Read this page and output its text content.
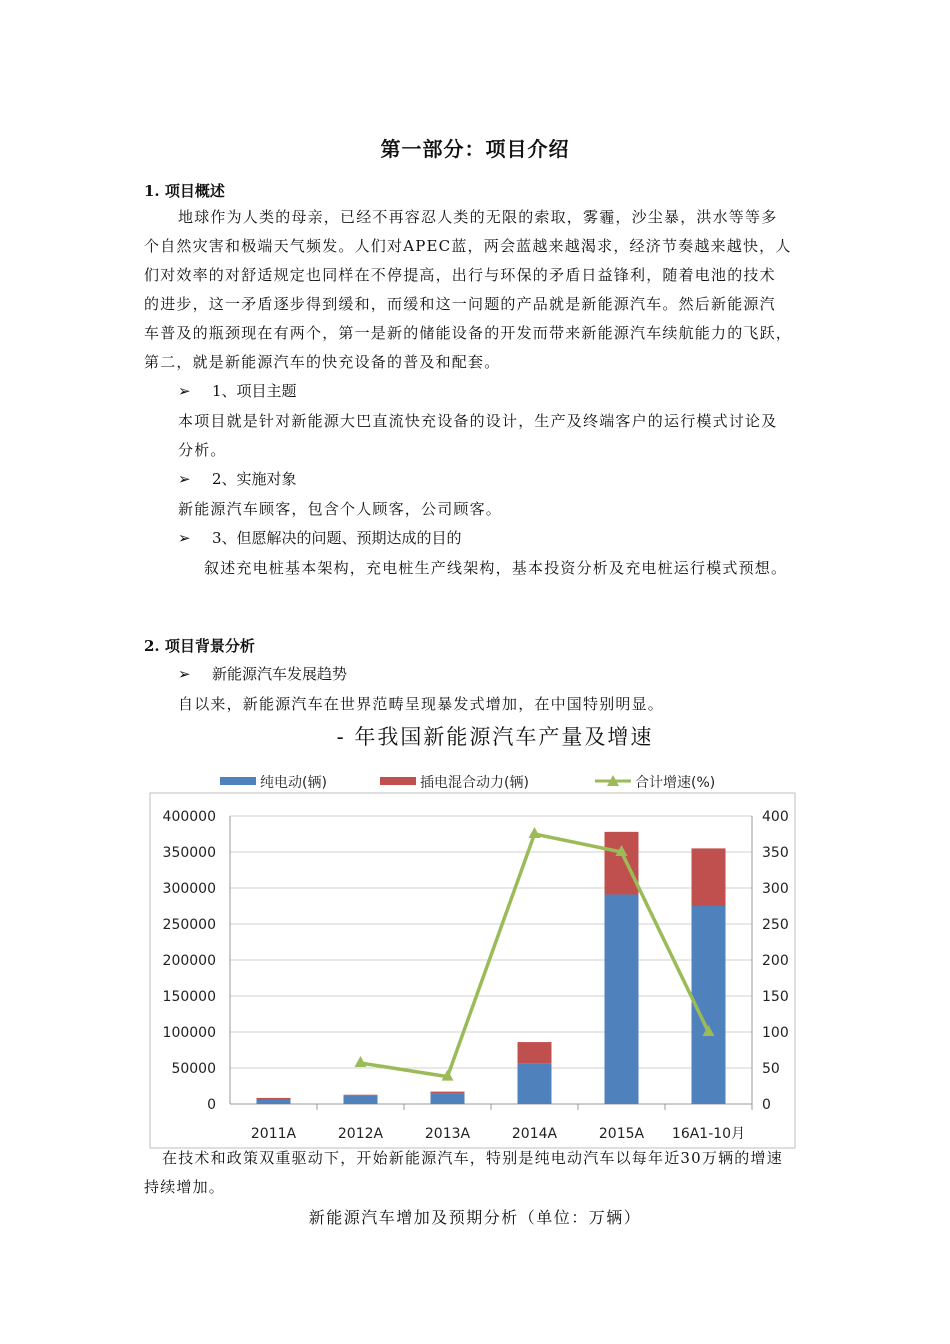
第一部分：项目介绍
1. 项目概述
地球作为人类的母亲，已经不再容忍人类的无限的索取，雾霾，沙尘暴，洪水等等多
个自然灾害和极端天气频发。人们对APEC蓝，两会蓝越来越渴求，经济节奏越来越快，人
们对效率的对舒适规定也同样在不停提高，出行与环保的矛盾日益锋利，随着电池的技术
的进步，这一矛盾逐步得到缓和，而缓和这一问题的产品就是新能源汽车。然后新能源汽
车普及的瓶颈现在有两个，第一是新的储能设备的开发而带来新能源汽车续航能力的飞跃，
第二，就是新能源汽车的快充设备的普及和配套。
➢ 1、项目主题
本项目就是针对新能源大巴直流快充设备的设计，生产及终端客户的运行模式讨论及
分析。
➢ 2、实施对象
新能源汽车顾客，包含个人顾客，公司顾客。
➢ 3、但愿解决的问题、预期达成的目的
叙述充电桩基本架构，充电桩生产线架构，基本投资分析及充电桩运行模式预想。
2. 项目背景分析
➢ 新能源汽车发展趋势
自以来，新能源汽车在世界范畴呈现暴发式增加，在中国特别明显。
- 年我国新能源汽车产量及增速
纯电动(辆)	插电混合动力(辆)	合计增速(%)
0
50000
100000
150000
200000
250000
300000
350000
400000
0
50
100
150
200
250
300
350
400
2011A	2012A	2013A	2014A	2015A 16A1-10月
在技术和政策双重驱动下，开始新能源汽车，特别是纯电动汽车以每年近30万辆的增速
持续增加。
新能源汽车增加及预期分析（单位：万辆）
